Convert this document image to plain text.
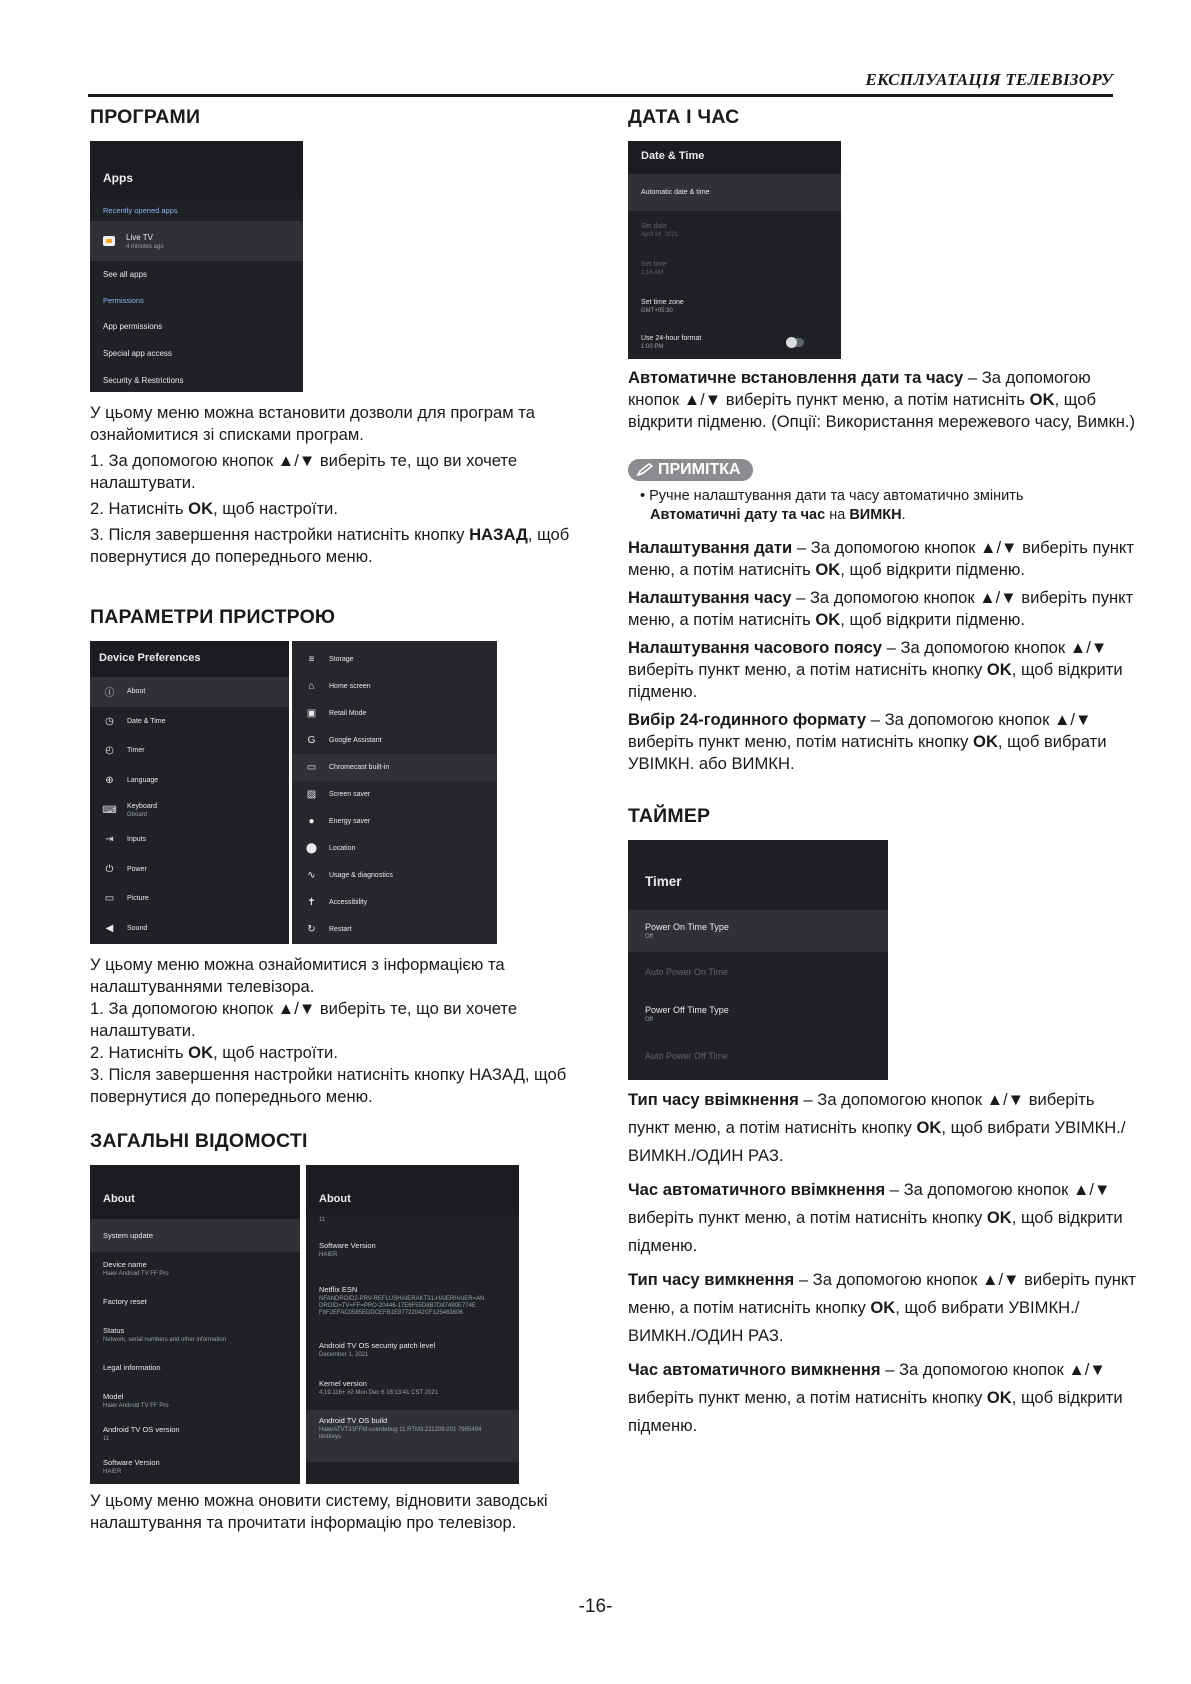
ЕКСПЛУАТАЦІЯ ТЕЛЕВІЗОРУ
ПРОГРАМИ
Apps
Recently opened apps
Live TV
4 minutes ago
See all apps
Permissions
App permissions
Special app access
Security & Restrictions

У цьому меню можна встановити дозволи для програм та ознайомитися зі списками програм.

1. За допомогою кнопок ▲/▼ виберіть те, що ви хочете налаштувати.

2. Натисніть OK, щоб настроїти.

3. Після завершення настройки натисніть кнопку НАЗАД, щоб повернутися до попереднього меню.

ПАРАМЕТРИ ПРИСТРОЮ
Device Preferences
ⓘ About
◷	Date & Time
◴	Timer
⊕	Language
⌨ Keyboard
Gboard
⇥	Inputs
⏻	Power
▭ Picture
◀	Sound
≡	Storage
⌂	Home screen
▣ Retail Mode
G	Google Assistant
▭ Chromecast built-in
▨ Screen saver
●	Energy saver
⬤ Location
∿	Usage & diagnostics
✝	Accessibility
↻	Restart

У цьому меню можна ознайомитися з інформацією та налаштуваннями телевізора.

1. За допомогою кнопок ▲/▼ виберіть те, що ви хочете налаштувати.

2. Натисніть OK, щоб настроїти.

3. Після завершення настройки натисніть кнопку НАЗАД, щоб повернутися до попереднього меню.

ЗАГАЛЬНІ ВІДОМОСТІ
About
System update
Device name
Haier Android TV FF Pro
Factory reset
Status
Network, serial numbers and other information
Legal information
Model
Haier Android TV FF Pro
Android TV OS version
11
Software Version
HAIER
About
11
Software Version
HAIER
Netflix ESN
NFANDROID2-PRV-REFLUSHAIERAKT31-HAIERHAIER=AN DROID=TV=FF=PRO-20446-17E6F55D8B7D87490E774E F8F2EFAC0585EDDCEFB1E87722042CF125463606
Android TV OS security patch level
December 1, 2021
Kernel version
4.19.116+ #2 Mon Dec 6 18:13:41 CST 2021
Android TV OS build
HaierATVT31FFM-userdebug 11 RTM3.211209.001 7985494 testkeys

У цьому меню можна оновити систему, відновити заводські налаштування та прочитати інформацію про телевізор.

ДАТА І ЧАС
Date & Time
Automatic date & time
Set date
April 24, 2021
Set time
1:16 AM
Set time zone
GMT+05:30
Use 24-hour format
1:00 PM

Автоматичне встановлення дати та часу – За допомогою кнопок ▲/▼ виберіть пункт меню, а потім натисніть OK, щоб відкрити підменю. (Опції: Використання мережевого часу, Вимкн.)

ПРИМІТКА
• Ручне налаштування дати та часу автоматично змінить
Автоматичні дату та час на ВИМКН.

Налаштування дати – За допомогою кнопок ▲/▼ виберіть пункт меню, а потім натисніть OK, щоб відкрити підменю.

Налаштування часу – За допомогою кнопок ▲/▼ виберіть пункт меню, а потім натисніть OK, щоб відкрити підменю.

Налаштування часового поясу – За допомогою кнопок ▲/▼ виберіть пункт меню, а потім натисніть кнопку OK, щоб відкрити підменю.

Вибір 24-годинного формату – За допомогою кнопок ▲/▼ виберіть пункт меню, потім натисніть кнопку OK, щоб вибрати УВІМКН. або ВИМКН.

ТАЙМЕР
Timer
Power On Time Type
Off
Auto Power On Time
Power Off Time Type
Off
Auto Power Off Time

Тип часу ввімкнення – За допомогою кнопок ▲/▼ виберіть пункт меню, а потім натисніть кнопку OK, щоб вибрати УВІМКН./ВИМКН./ОДИН РАЗ.

Час автоматичного ввімкнення – За допомогою кнопок ▲/▼ виберіть пункт меню, а потім натисніть кнопку OK, щоб відкрити підменю.

Тип часу вимкнення – За допомогою кнопок ▲/▼ виберіть пункт меню, а потім натисніть кнопку OK, щоб вибрати УВІМКН./ВИМКН./ОДИН РАЗ.

Час автоматичного вимкнення – За допомогою кнопок ▲/▼ виберіть пункт меню, а потім натисніть кнопку OK, щоб відкрити підменю.

-16-
